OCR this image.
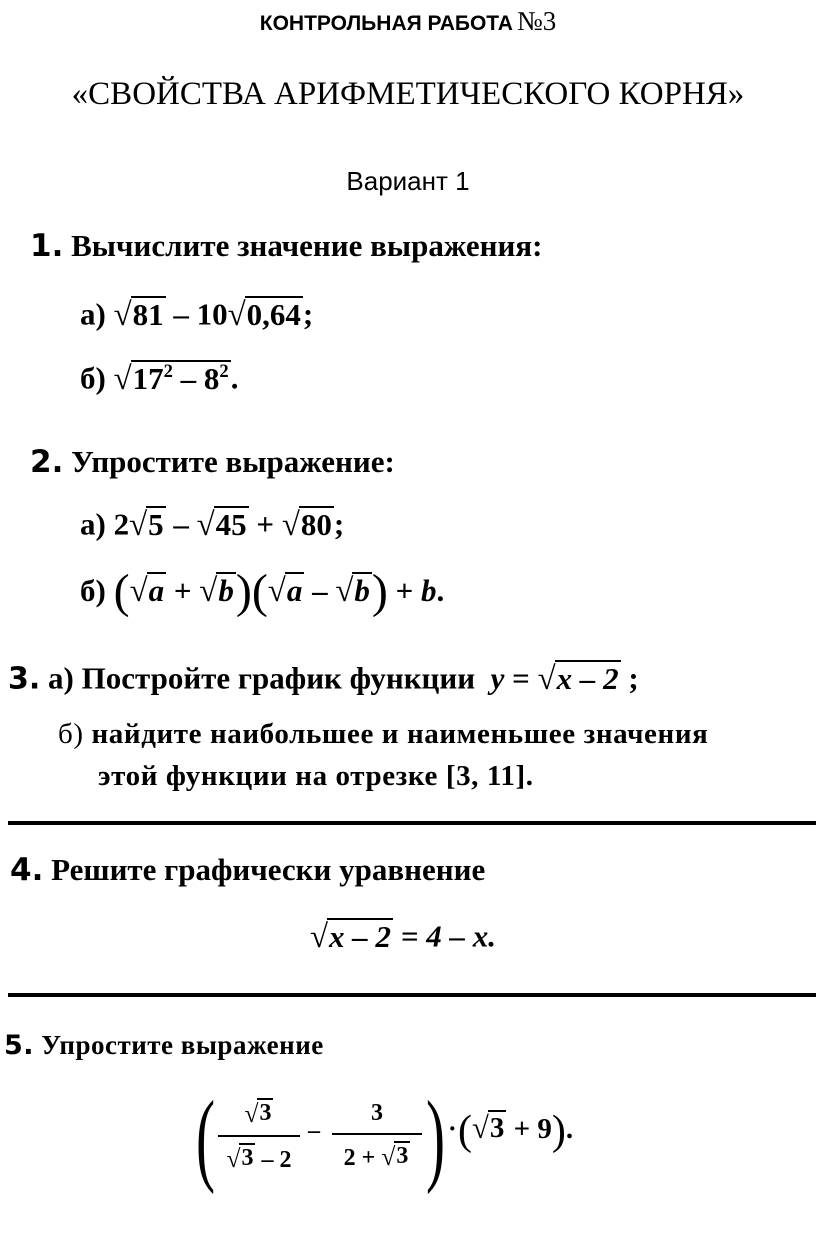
КОНТРОЛЬНАЯ РАБОТА №3
«СВОЙСТВА АРИФМЕТИЧЕСКОГО КОРНЯ»
Вариант 1
1. Вычислите значение выражения:
а) √ 81 – 10 √ 0,64 ;
б) √ $17^2 - 8^2$ .
2. Упростите выражение:
а) 2 √ 5 – √ 45 + √ 80 ;
б) ( √ a + √ b )( √ a – √ b ) + b.
3. а) Постройте график функции y = √ x – 2 ;
б) найдите наибольшее и наименьшее значения
этой функции на отрезке [3, 11].
4. Решите графически уравнение
√ x – 2 = 4 – x.
5. Упростите выражение
( √ 3
√ 3 – 2
–
3
2 + √ 3 ) · ( √ 3 + 9).
